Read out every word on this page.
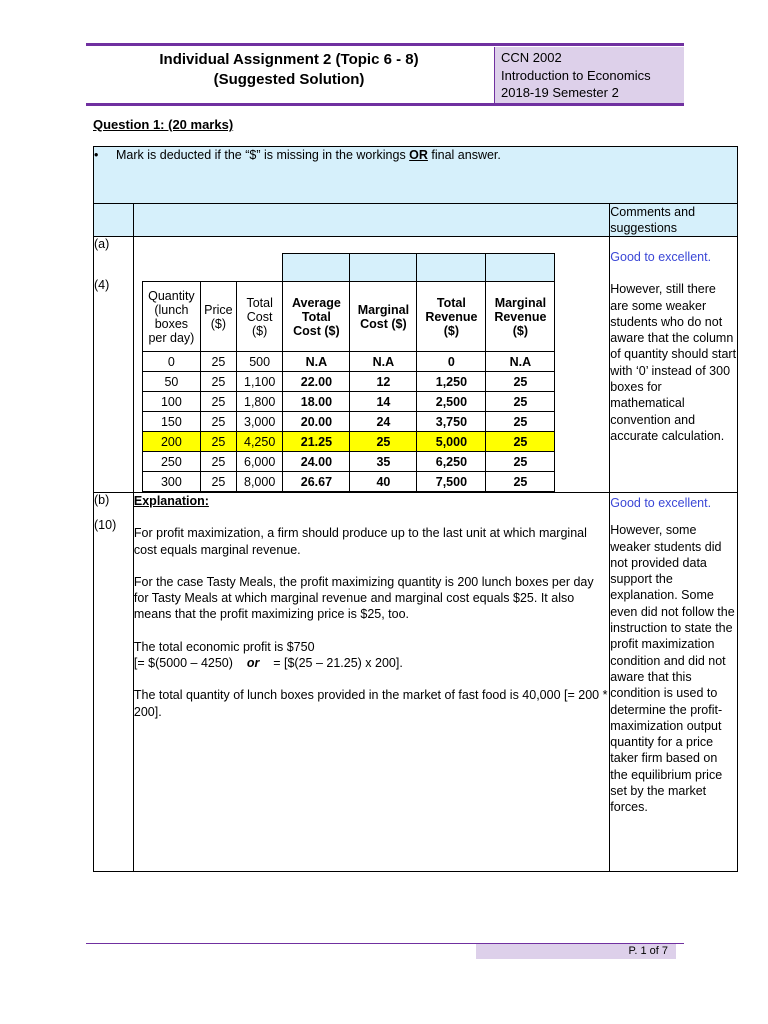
Individual Assignment 2 (Topic 6 - 8)
(Suggested Solution)
CCN 2002
Introduction to Economics
2018-19 Semester 2
Question 1: (20 marks)
• Mark is deducted if the “$” is missing in the workings OR final answer.
		Comments and suggestions

(a)
(4)

Quantity (lunch boxes per day)	Price ($)	Total Cost ($)	Average Total Cost ($)	Marginal Cost ($)	Total Revenue ($)	Marginal Revenue ($)
0	25	500	N.A	N.A	0	N.A
50	25	1,100	22.00	12	1,250	25
100	25	1,800	18.00	14	2,500	25
150	25	3,000	20.00	24	3,750	25
200	25	4,250	21.25	25	5,000	25
250	25	6,000	24.00	35	6,250	25
300	25	8,000	26.67	40	7,500	25

Good to excellent.
However, still there are some weaker students who do not aware that the column of quantity should start with ‘0’ instead of 300 boxes for mathematical convention and accurate calculation.

(b)
(10)

Explanation:

For profit maximization, a firm should produce up to the last unit at which marginal cost equals marginal revenue.

For the case Tasty Meals, the profit maximizing quantity is 200 lunch boxes per day for Tasty Meals at which marginal revenue and marginal cost equals $25. It also means that the profit maximizing price is $25, too.

The total economic profit is $750
[= $(5000 – 4250)    or    = [$(25 – 21.25) x 200].

The total quantity of lunch boxes provided in the market of fast food is 40,000 [= 200 * 200].

Good to excellent.
However, some weaker students did not provided data support the explanation. Some even did not follow the instruction to state the profit maximization condition and did not aware that this condition is used to determine the profit-maximization output quantity for a price taker firm based on the equilibrium price set by the market forces.
P. 1 of 7
